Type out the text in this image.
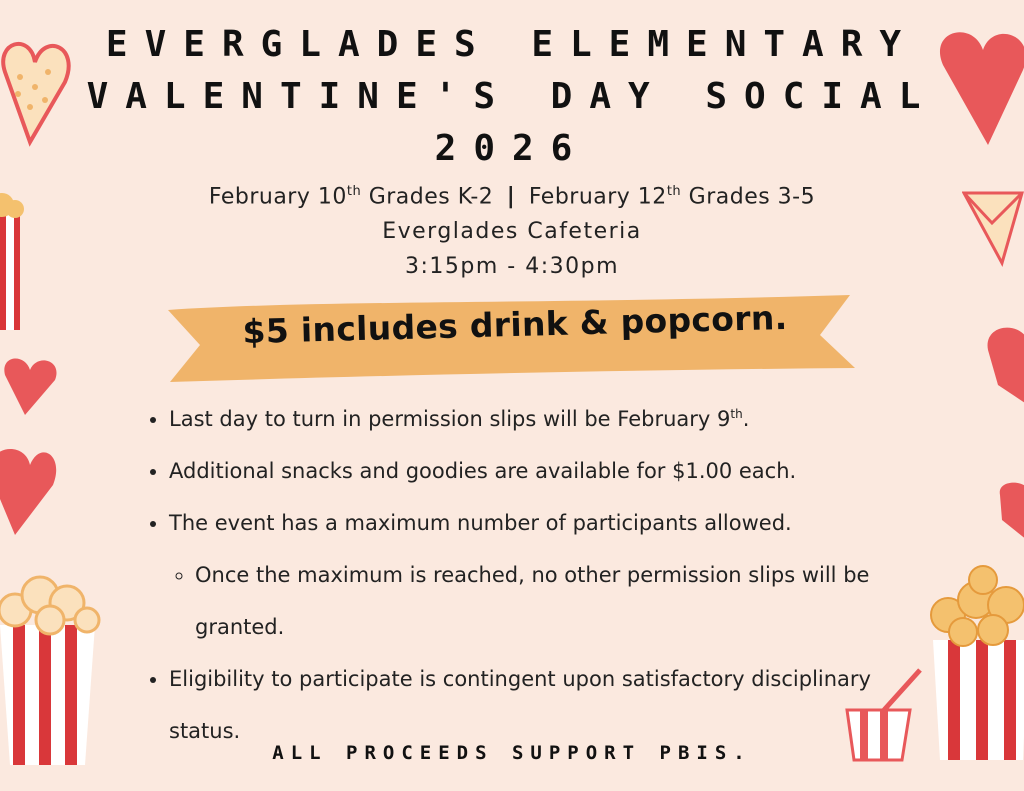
EVERGLADES ELEMENTARY
VALENTINE'S DAY SOCIAL
2026
February 10th Grades K-2 | February 12th Grades 3-5
Everglades Cafeteria
3:15pm - 4:30pm
$5 includes drink & popcorn.
• Last day to turn in permission slips will be February 9th.
• Additional snacks and goodies are available for $1.00 each.
• The event has a maximum number of participants allowed.
◦ Once the maximum is reached, no other permission slips will be granted.
• Eligibility to participate is contingent upon satisfactory disciplinary status.
ALL PROCEEDS SUPPORT PBIS.
